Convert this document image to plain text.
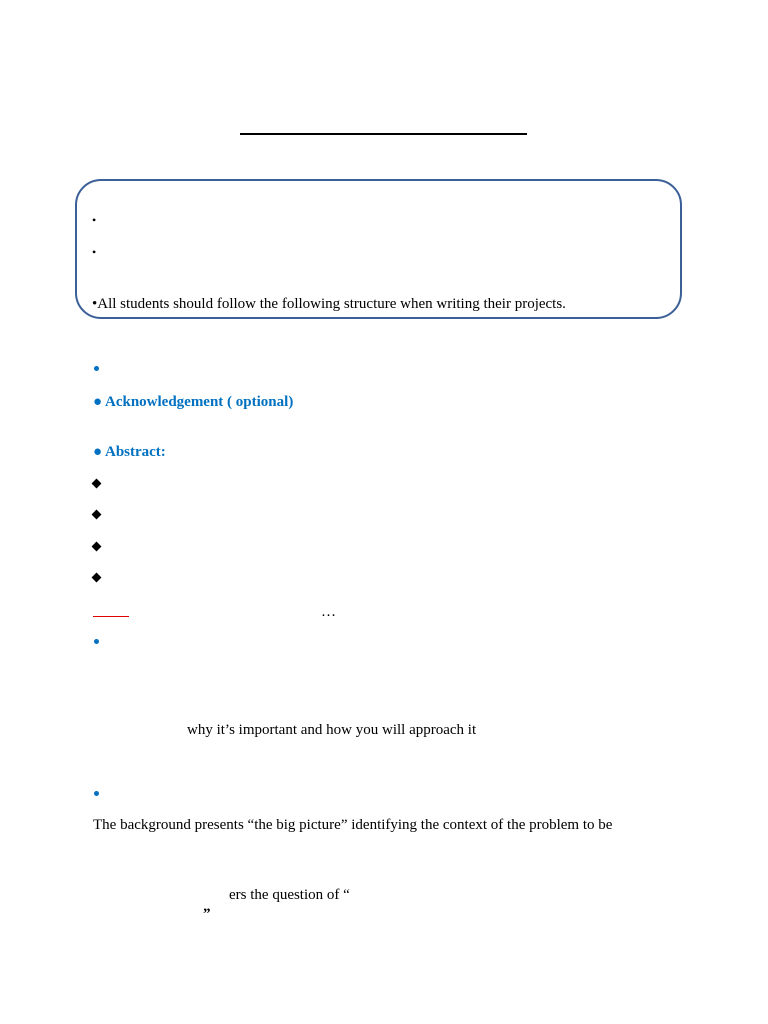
•
•
•All students should follow the following structure when writing their projects.
● Acknowledgement ( optional)
● Abstract:
…
why it’s important and how you will approach it
The background presents “the big picture” identifying the context of the problem to be
ers the question of “
”
